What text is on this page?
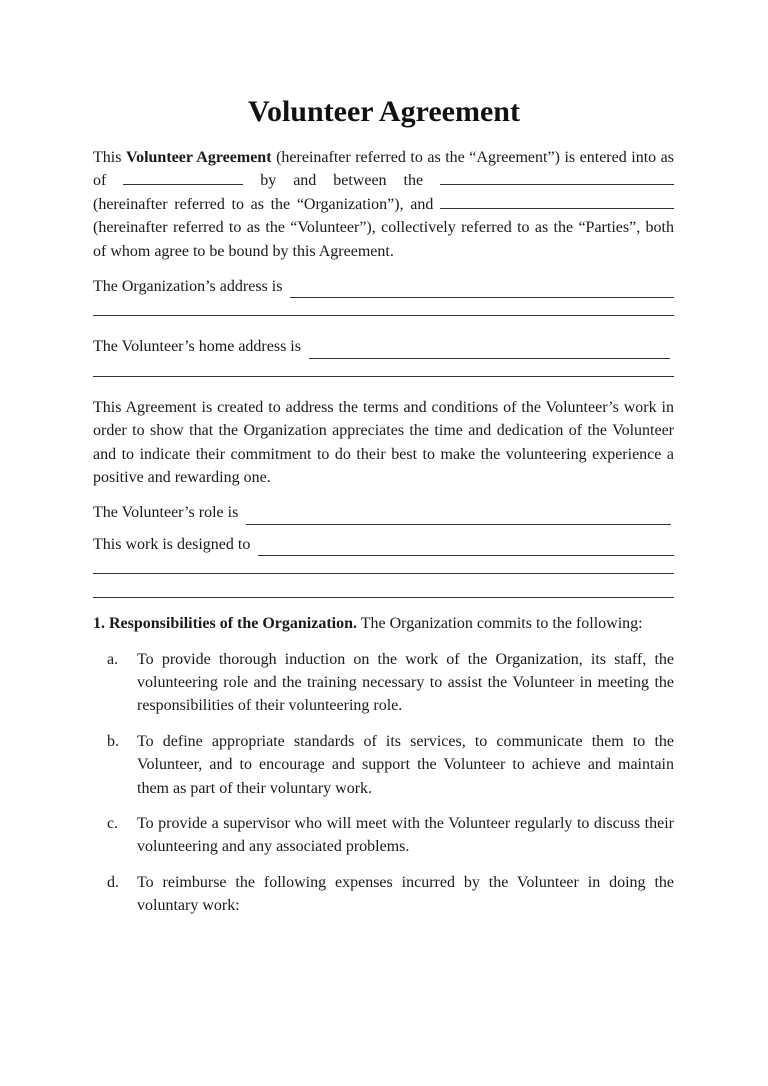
Volunteer Agreement

This Volunteer Agreement (hereinafter referred to as the “Agreement”) is entered into as of	by and between the  (hereinafter referred to as the “Organization”), and  (hereinafter referred to as the “Volunteer”), collectively referred to as the “Parties”, both of whom agree to be bound by this Agreement.

The Organization’s address is
The Volunteer’s home address is

This Agreement is created to address the terms and conditions of the Volunteer’s work in order to show that the Organization appreciates the time and dedication of the Volunteer and to indicate their commitment to do their best to make the volunteering experience a positive and rewarding one.

The Volunteer’s role is
This work is designed to

1. Responsibilities of the Organization. The Organization commits to the following:

a.	To provide thorough induction on the work of the Organization, its staff, the volunteering role and the training necessary to assist the Volunteer in meeting the responsibilities of their volunteering role.
b.	To define appropriate standards of its services, to communicate them to the Volunteer, and to encourage and support the Volunteer to achieve and maintain them as part of their voluntary work.
c.	To provide a supervisor who will meet with the Volunteer regularly to discuss their volunteering and any associated problems.
d.	To reimburse the following expenses incurred by the Volunteer in doing the voluntary work:
